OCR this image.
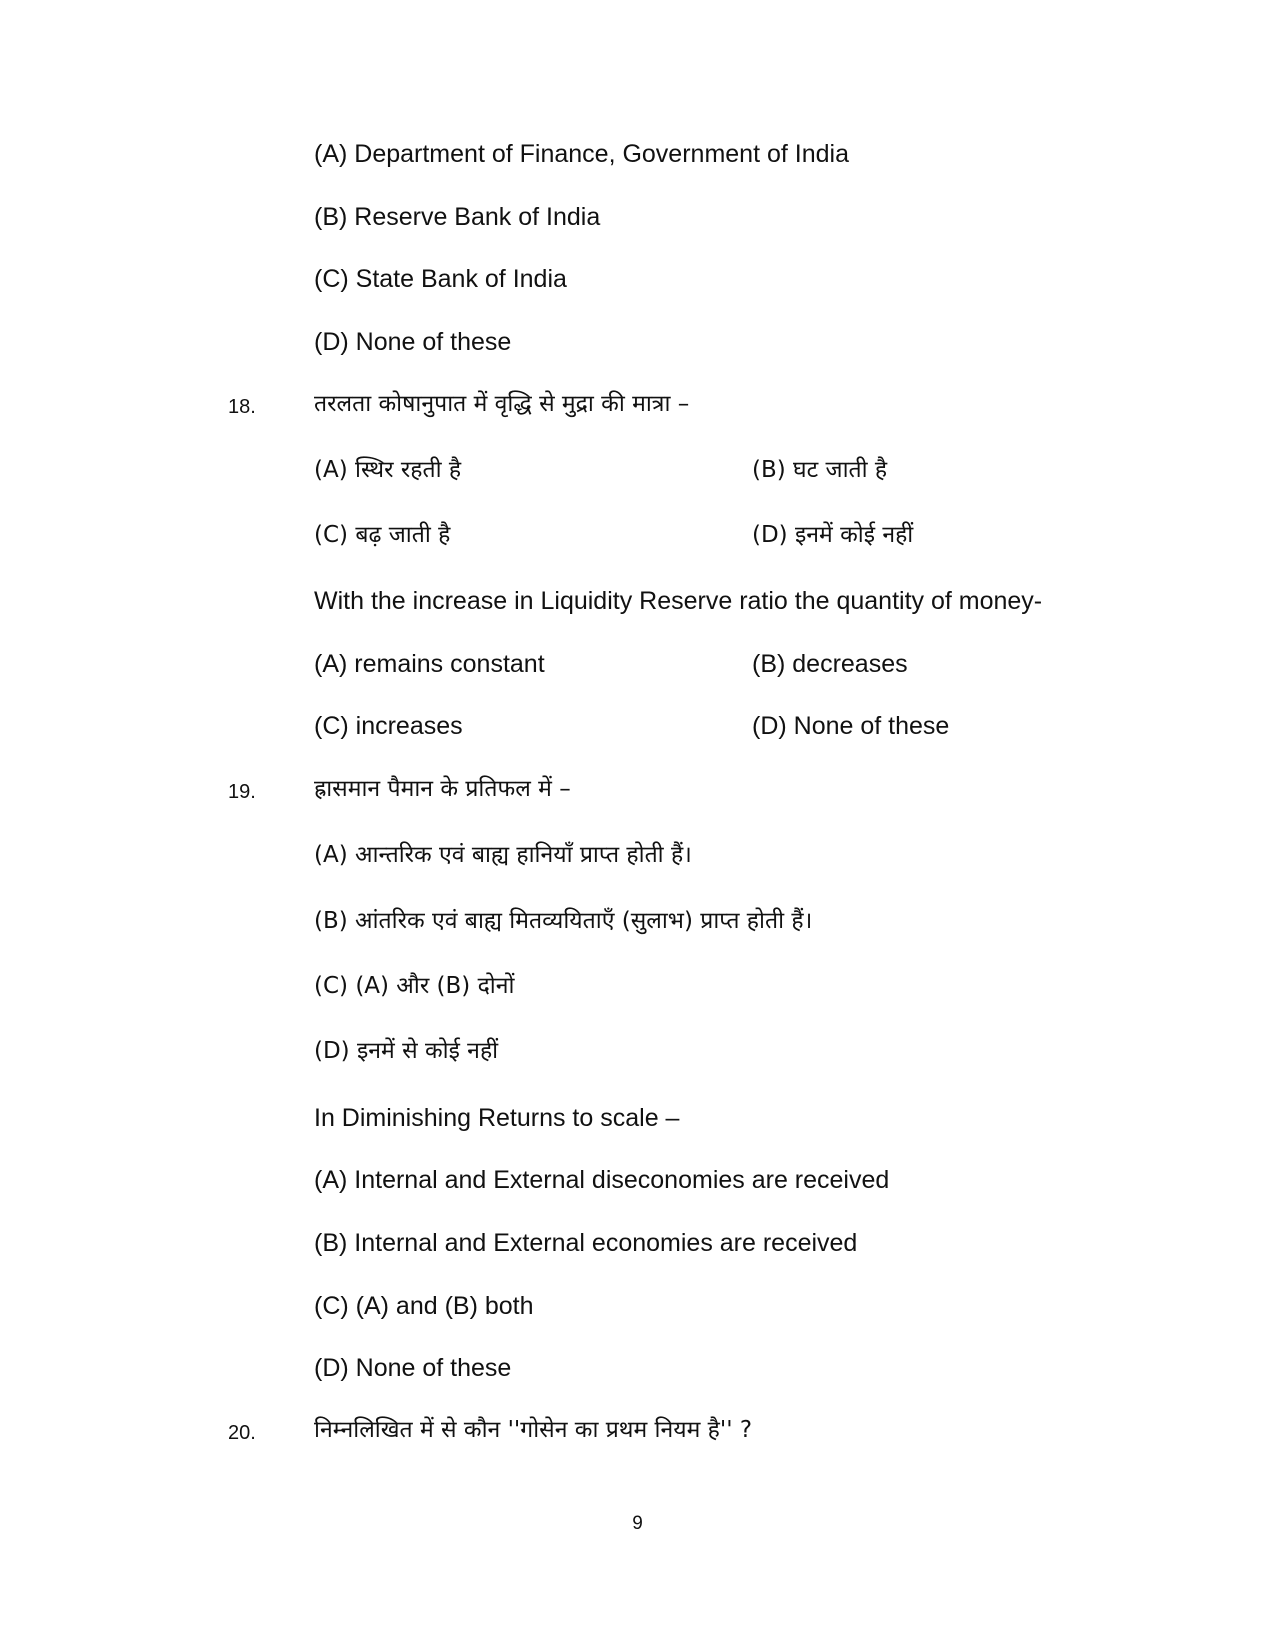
(A) Department of Finance, Government of India
(B) Reserve Bank of India
(C) State Bank of India
(D) None of these
18.	तरलता कोषानुपात में वृद्धि से मुद्रा की मात्रा –
(A) स्थिर रहती है	(B) घट जाती है
(C) बढ़ जाती है	(D) इनमें कोई नहीं
With the increase in Liquidity Reserve ratio the quantity of money-
(A) remains constant	(B) decreases
(C) increases	(D) None of these
19.	ह्रासमान पैमान के प्रतिफल में –
(A) आन्तरिक एवं बाह्य हानियाँ प्राप्त होती हैं।
(B) आंतरिक एवं बाह्य मितव्ययिताएँ (सुलाभ) प्राप्त होती हैं।
(C) (A) और (B) दोनों
(D) इनमें से कोई नहीं
In Diminishing Returns to scale –
(A) Internal and External diseconomies are received
(B) Internal and External economies are received
(C) (A) and (B) both
(D) None of these
20.	निम्नलिखित में से कौन ''गोसेन का प्रथम नियम है'' ?
9
